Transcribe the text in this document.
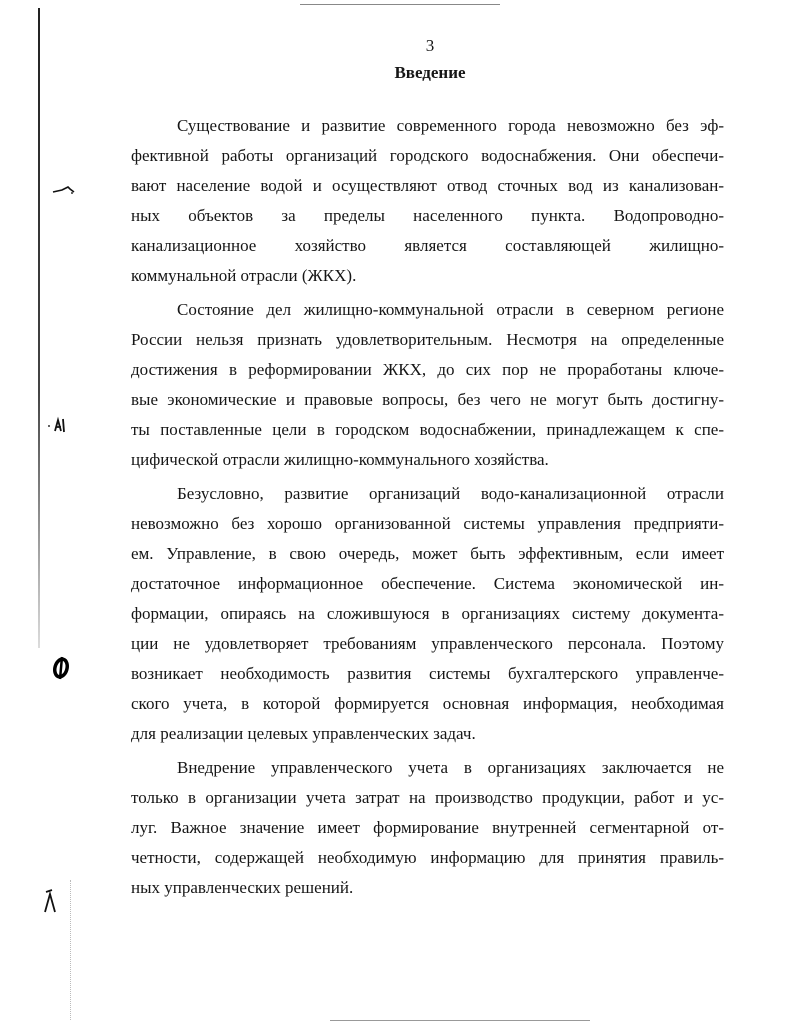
3
Введение
Существование и развитие современного города невозможно без эф-
фективной работы организаций городского водоснабжения. Они обеспечи-
вают население водой и осуществляют отвод сточных вод из канализован-
ных объектов за пределы населенного пункта. Водопроводно-
канализационное хозяйство является составляющей жилищно-
коммунальной отрасли (ЖКХ).
Состояние дел жилищно-коммунальной отрасли в северном регионе
России нельзя признать удовлетворительным. Несмотря на определенные
достижения в реформировании ЖКХ, до сих пор не проработаны ключе-
вые экономические и правовые вопросы, без чего не могут быть достигну-
ты поставленные цели в городском водоснабжении, принадлежащем к спе-
цифической отрасли жилищно-коммунального хозяйства.
Безусловно, развитие организаций водо-канализационной отрасли
невозможно без хорошо организованной системы управления предприяти-
ем. Управление, в свою очередь, может быть эффективным, если имеет
достаточное информационное обеспечение. Система экономической ин-
формации, опираясь на сложившуюся в организациях систему документа-
ции не удовлетворяет требованиям управленческого персонала. Поэтому
возникает необходимость развития системы бухгалтерского управленче-
ского учета, в которой формируется основная информация, необходимая
для реализации целевых управленческих задач.
Внедрение управленческого учета в организациях заключается не
только в организации учета затрат на производство продукции, работ и ус-
луг. Важное значение имеет формирование внутренней сегментарной от-
четности, содержащей необходимую информацию для принятия правиль-
ных управленческих решений.
